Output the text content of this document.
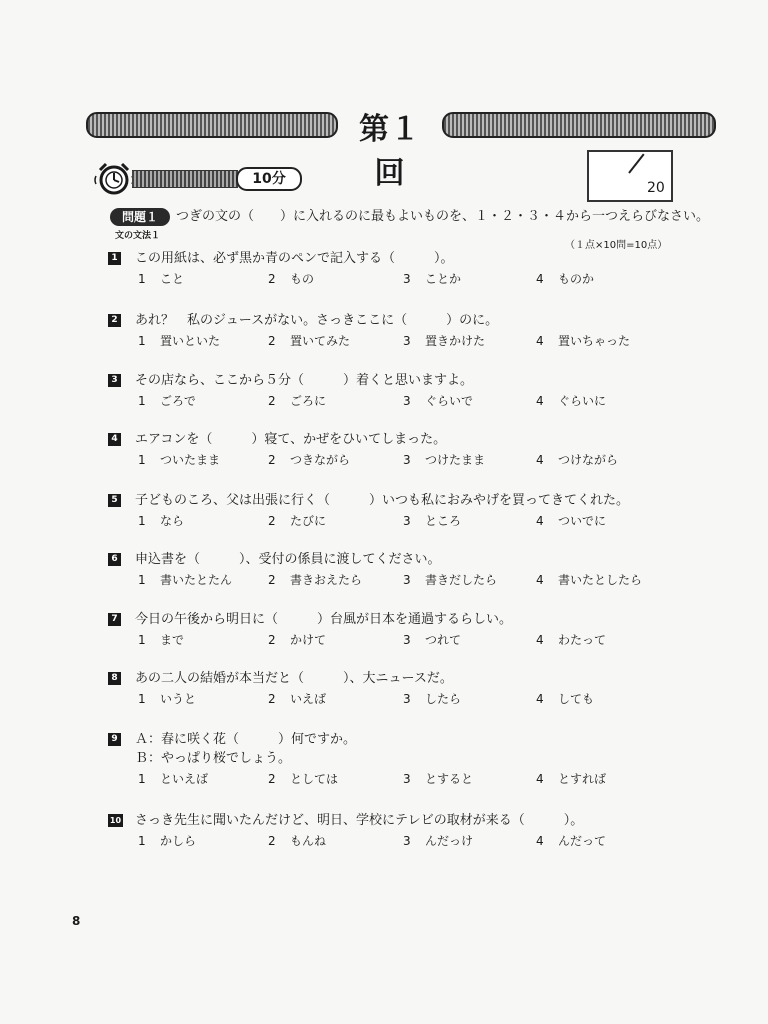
第１回
10分
20
問題１	つぎの文の（　　）に入れるのに最もよいものを、１・２・３・４から一つえらびなさい。
文の文法１
（１点×10問=10点）
1 この用紙は、必ず黒か青のペンで記入する（　　　）。
1 こと	2 もの	3 ことか	4 ものか
2 あれ？　私のジュースがない。さっきここに（　　　）のに。
1 置いといた	2 置いてみた	3 置きかけた	4 置いちゃった
3 その店なら、ここから５分（　　　）着くと思いますよ。
1 ごろで	2 ごろに	3 ぐらいで	4 ぐらいに
4 エアコンを（　　　）寝て、かぜをひいてしまった。
1 ついたまま	2 つきながら	3 つけたまま	4 つけながら
5 子どものころ、父は出張に行く（　　　）いつも私におみやげを買ってきてくれた。
1 なら	2 たびに	3 ところ	4 ついでに
6 申込書を（　　　）、受付の係員に渡してください。
1 書いたとたん	2 書きおえたら	3 書きだしたら	4 書いたとしたら
7 今日の午後から明日に（　　　）台風が日本を通過するらしい。
1 まで	2 かけて	3 つれて	4 わたって
8 あの二人の結婚が本当だと（　　　）、大ニュースだ。
1 いうと	2 いえば	3 したら	4 しても
9 Ａ：春に咲く花（　　　）何ですか。
Ｂ：やっぱり桜でしょう。
1 といえば	2 としては	3 とすると	4 とすれば
10 さっき先生に聞いたんだけど、明日、学校にテレビの取材が来る（　　　）。
1 かしら	2 もんね	3 んだっけ	4 んだって
8
